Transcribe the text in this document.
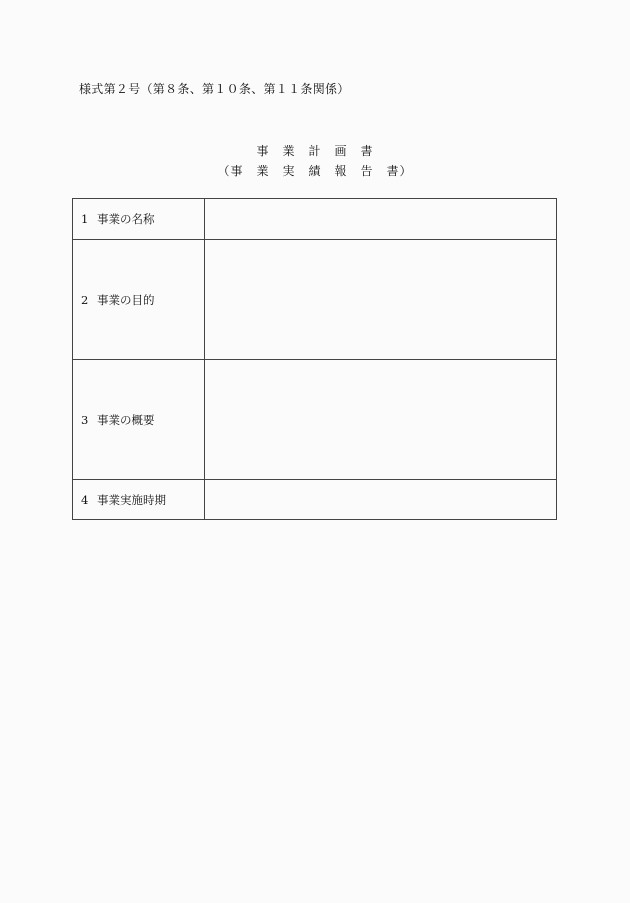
様式第２号（第８条、第１０条、第１１条関係）
事　業　計　画　書
（事　業　実　績　報　告　書）
1 事業の名称	
2 事業の目的	
3 事業の概要	
4 事業実施時期	
